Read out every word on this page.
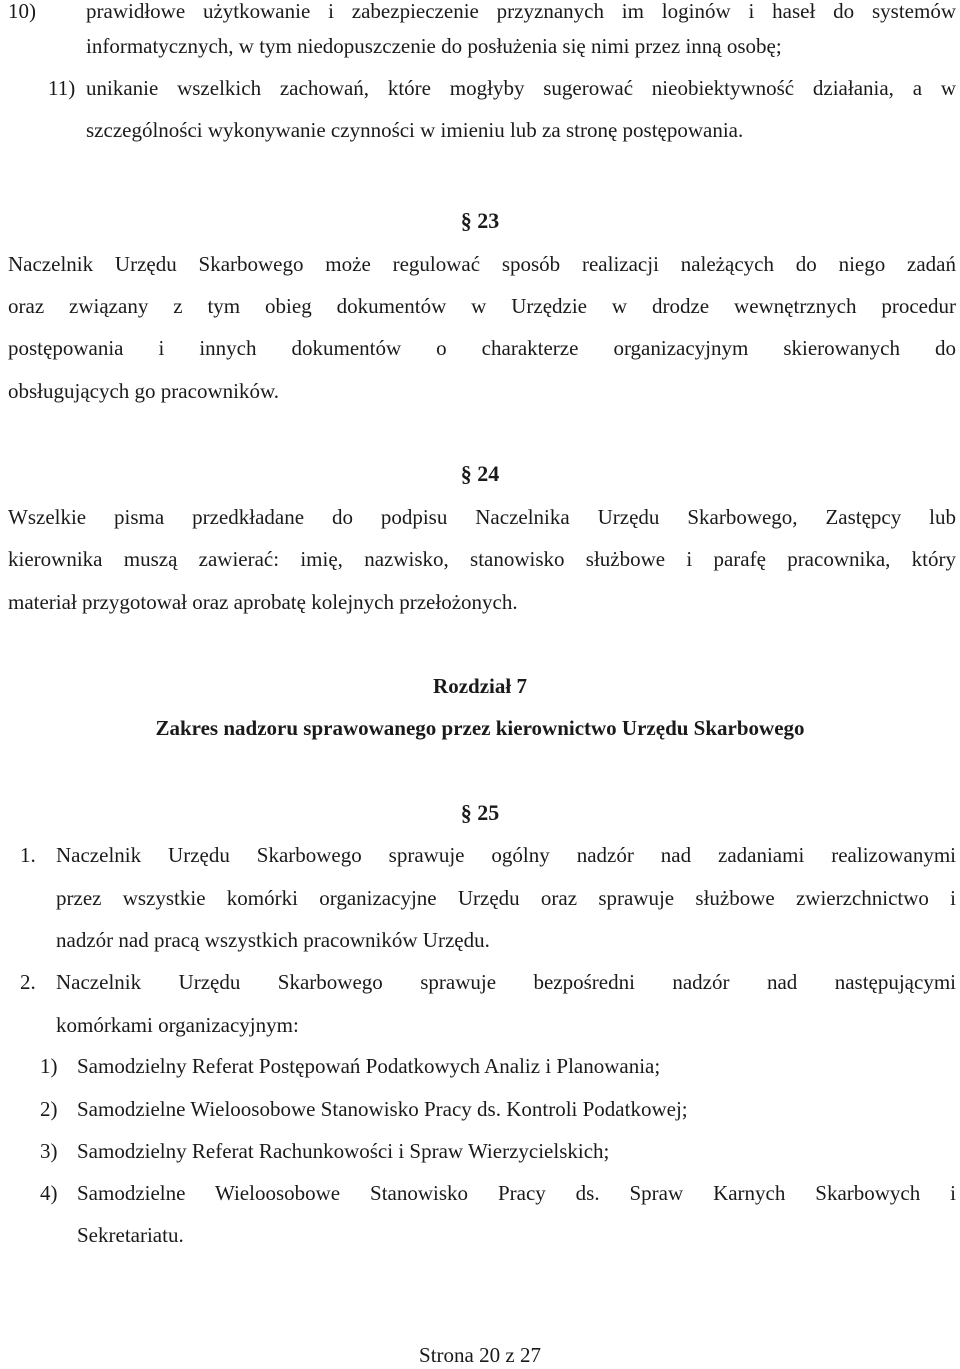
10) prawidłowe użytkowanie i zabezpieczenie przyznanych im loginów i haseł do systemów
informatycznych, w tym niedopuszczenie do posłużenia się nimi przez inną osobę;
11) unikanie wszelkich zachowań, które mogłyby sugerować nieobiektywność działania, a w
szczególności wykonywanie czynności w imieniu lub za stronę postępowania.
§ 23
Naczelnik Urzędu Skarbowego może regulować sposób realizacji należących do niego zadań
oraz związany z tym obieg dokumentów w Urzędzie w drodze wewnętrznych procedur
postępowania i innych dokumentów o charakterze organizacyjnym skierowanych do
obsługujących go pracowników.
§ 24
Wszelkie pisma przedkładane do podpisu Naczelnika Urzędu Skarbowego, Zastępcy lub
kierownika muszą zawierać: imię, nazwisko, stanowisko służbowe i parafę pracownika, który
materiał przygotował oraz aprobatę kolejnych przełożonych.
Rozdział 7
Zakres nadzoru sprawowanego przez kierownictwo Urzędu Skarbowego
§ 25
1. Naczelnik Urzędu Skarbowego sprawuje ogólny nadzór nad zadaniami realizowanymi
przez wszystkie komórki organizacyjne Urzędu oraz sprawuje służbowe zwierzchnictwo i
nadzór nad pracą wszystkich pracowników Urzędu.
2. Naczelnik Urzędu Skarbowego sprawuje bezpośredni nadzór nad następującymi
komórkami organizacyjnym:
1) Samodzielny Referat Postępowań Podatkowych Analiz i Planowania;
2) Samodzielne Wieloosobowe Stanowisko Pracy ds. Kontroli Podatkowej;
3) Samodzielny Referat Rachunkowości i Spraw Wierzycielskich;
4) Samodzielne Wieloosobowe Stanowisko Pracy ds. Spraw Karnych Skarbowych i
Sekretariatu.
Strona 20 z 27
